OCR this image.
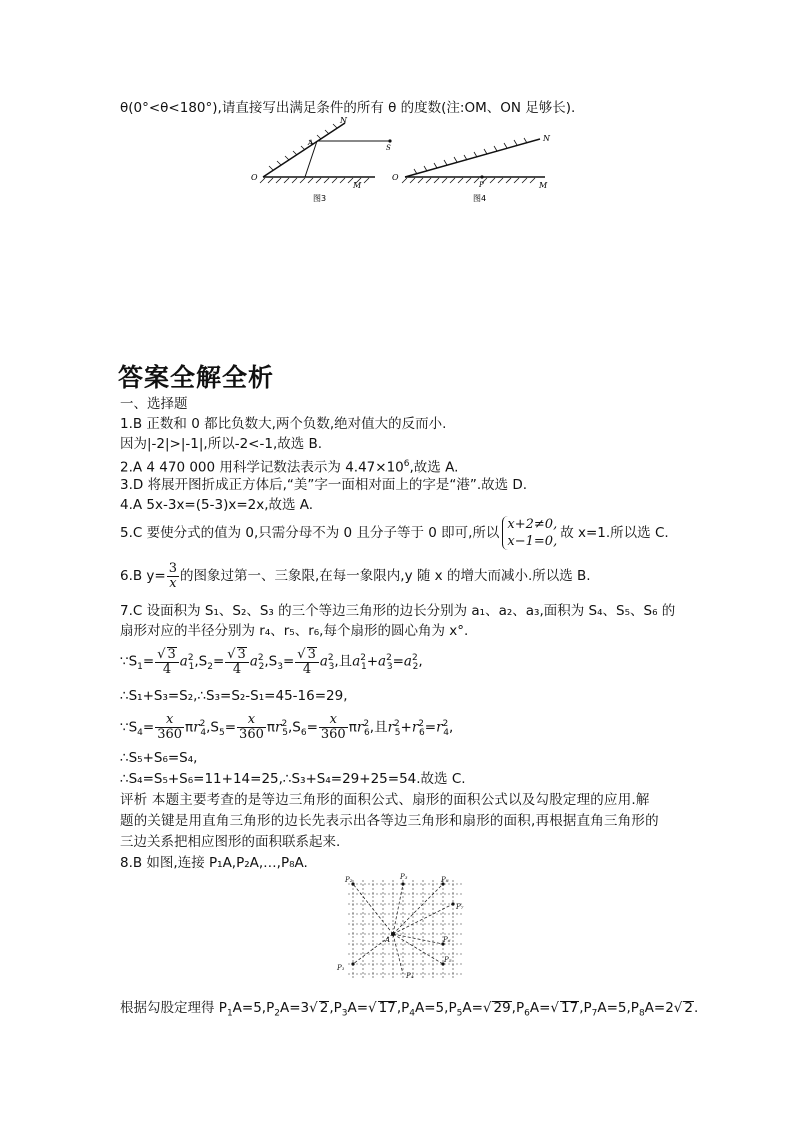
θ(0°<θ<180°),请直接写出满足条件的所有 θ 的度数(注:OM、ON 足够长).
O
M
N
A
S
图3
O
M
N
P
图4
答案全解全析
一、选择题
1.B 正数和 0 都比负数大,两个负数,绝对值大的反而小.
因为|-2|>|-1|,所以-2<-1,故选 B.
2.A 4 470 000 用科学记数法表示为 $4.47\times 10^6$,故选 A.
3.D 将展开图折成正方体后,“美”字一面相对面上的字是“港”.故选 D.
4.A 5x-3x=(5-3)x=2x,故选 A.
5.C 要使分式的值为 0,只需分母不为 0 且分子等于 0 即可,所以
x+2≠0,
x−1=0,
故 x=1.所以选 C.
6.B $y= \frac{3}{x}$ 的图象过第一、三象限,在每一象限内,y 随 x 的增大而减小.所以选 B.
7.C 设面积为 S₁、S₂、S₃ 的三个等边三角形的边长分别为 a₁、a₂、a₃,面积为 S₄、S₅、S₆ 的
扇形对应的半径分别为 r₄、r₅、r₆,每个扇形的圆心角为 x°.
$\because S_1= \frac{√ 3}{4} a^2_1,S_2= \frac{√ 3}{4} a^2_2,S_3= \frac{√ 3}{4} a^2_3$,且$a^2_1+a^2_3=a^2_2$,
∴S₁+S₃=S₂,∴S₃=S₂-S₁=45-16=29,
$\because S_4= \frac{x}{360} \pi r^2_4,S_5= \frac{x}{360} \pi r^2_5,S_6= \frac{x}{360} \pi r^2_6$,且$r^2_5+r^2_6=r^2_4$,
∴S₅+S₆=S₄,
∴S₄=S₅+S₆=11+14=25,∴S₃+S₄=29+25=54.故选 C.
评析 本题主要考查的是等边三角形的面积公式、扇形的面积公式以及勾股定理的应用.解
题的关键是用直角三角形的边长先表示出各等边三角形和扇形的面积,再根据直角三角形的
三边关系把相应图形的面积联系起来.
8.B 如图,连接 P₁A,P₂A,…,P₈A.
A
P₁
P₂	P₃	P₈
P₇
P₆
P₅
P₄
根据勾股定理得 $P_1A=5,P_2A=3√$ $2,P_3A=√$ $17,P_4A=5,P_5A=√$ $29,P_6A=√$ $17,P_7A=5,P_8A=2√$ 2.
